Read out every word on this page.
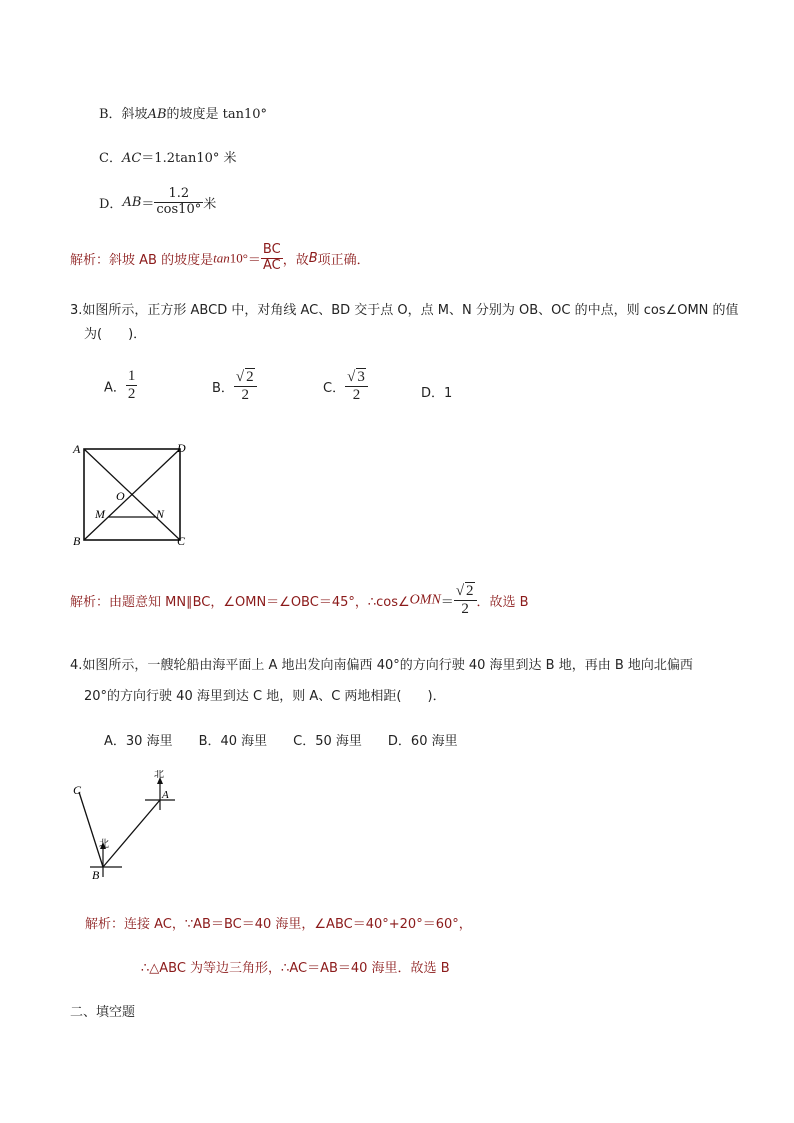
B．斜坡AB的坡度是 tan10°
C．AC＝1.2tan10° 米
D．$AB= \frac{1.2}{\cos 10^\circ}$ 米
解析：斜坡 AB 的坡度是$\tan 10^\circ= \frac{BC}{AC}$ ，故B项正确．
3.如图所示，正方形 ABCD 中，对角线 AC、BD 交于点 O，点 M、N 分别为 OB、OC 的中点，则 cos∠OMN 的值
为(　　)．
A． $\frac{1}{2}$	B． $\frac{√ 2}{2}$	C． $\frac{√ 3}{2}$	D．1
A	D
O
M	N
B	C
解析：由题意知 MN∥BC，∠OMN＝∠OBC＝45°，∴cos∠OMN＝ $\frac{√ 2}{2}$ ．故选 B
4.如图所示，一艘轮船由海平面上 A 地出发向南偏西 40°的方向行驶 40 海里到达 B 地，再由 B 地向北偏西
20°的方向行驶 40 海里到达 C 地，则 A、C 两地相距(　　)．
A．30 海里　　B．40 海里　　C．50 海里　　D．60 海里
C
北
A
北
B
解析：连接 AC，∵AB＝BC＝40 海里，∠ABC＝40°+20°＝60°，
∴△ABC 为等边三角形，∴AC＝AB＝40 海里．故选 B
二、填空题
